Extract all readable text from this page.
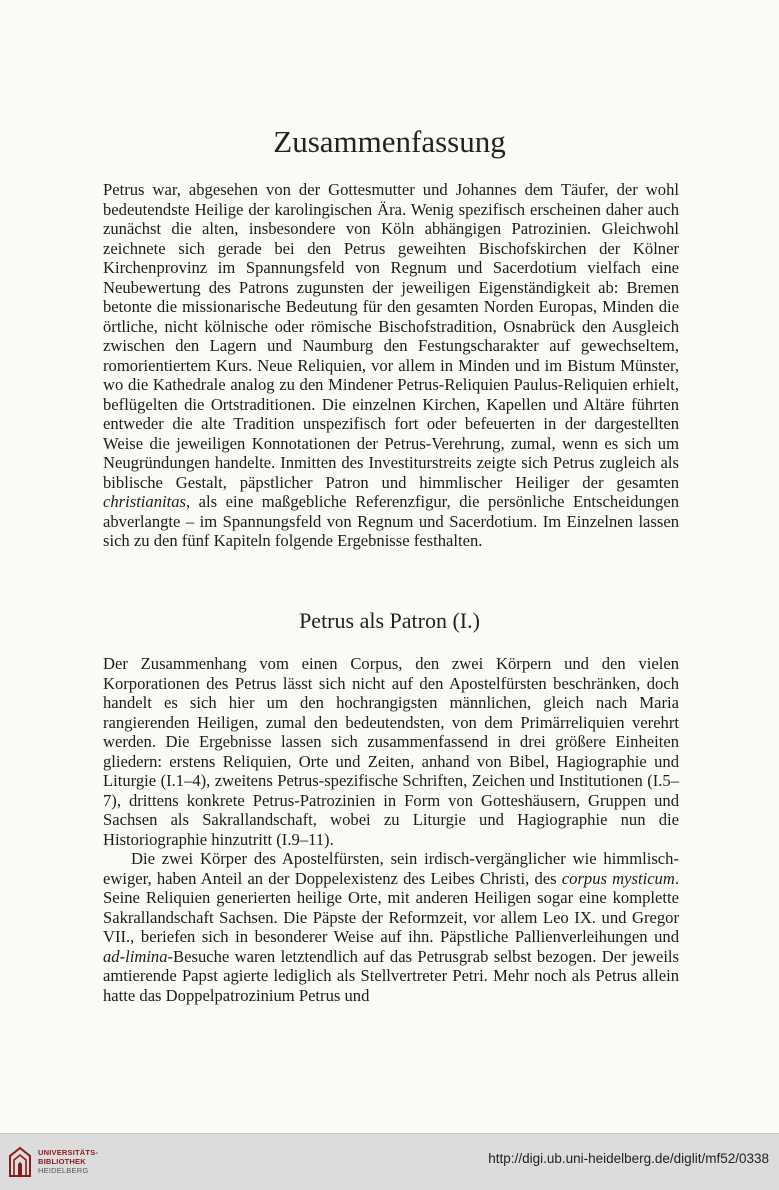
Zusammenfassung

Petrus war, abgesehen von der Gottesmutter und Johannes dem Täufer, der wohl bedeutendste Heilige der karolingischen Ära. Wenig spezifisch erscheinen daher auch zunächst die alten, insbesondere von Köln abhängigen Patrozinien. Gleichwohl zeichnete sich gerade bei den Petrus geweihten Bischofskirchen der Kölner Kirchenprovinz im Spannungsfeld von Regnum und Sacerdotium vielfach eine Neubewertung des Patrons zugunsten der jeweiligen Eigenständigkeit ab: Bremen betonte die missionarische Bedeutung für den gesamten Norden Europas, Minden die örtliche, nicht kölnische oder römische Bischofstradition, Osnabrück den Ausgleich zwischen den Lagern und Naumburg den Festungscharakter auf gewechseltem, romorientiertem Kurs. Neue Reliquien, vor allem in Minden und im Bistum Münster, wo die Kathedrale analog zu den Mindener Petrus-Reliquien Paulus-Reliquien erhielt, beflügelten die Ortstraditionen. Die einzelnen Kirchen, Kapellen und Altäre führten entweder die alte Tradition unspezifisch fort oder befeuerten in der dargestellten Weise die jeweiligen Konnotationen der Petrus-Verehrung, zumal, wenn es sich um Neugründungen handelte. Inmitten des Investiturstreits zeigte sich Petrus zugleich als biblische Gestalt, päpstlicher Patron und himmlischer Heiliger der gesamten christianitas, als eine maßgebliche Referenzfigur, die persönliche Entscheidungen abverlangte – im Spannungsfeld von Regnum und Sacerdotium. Im Einzelnen lassen sich zu den fünf Kapiteln folgende Ergebnisse festhalten.

Petrus als Patron (I.)

Der Zusammenhang vom einen Corpus, den zwei Körpern und den vielen Korporationen des Petrus lässt sich nicht auf den Apostelfürsten beschränken, doch handelt es sich hier um den hochrangigsten männlichen, gleich nach Maria rangierenden Heiligen, zumal den bedeutendsten, von dem Primärreliquien verehrt werden. Die Ergebnisse lassen sich zusammenfassend in drei größere Einheiten gliedern: erstens Reliquien, Orte und Zeiten, anhand von Bibel, Hagiographie und Liturgie (I.1–4), zweitens Petrus-spezifische Schriften, Zeichen und Institutionen (I.5–7), drittens konkrete Petrus-Patrozinien in Form von Gotteshäusern, Gruppen und Sachsen als Sakrallandschaft, wobei zu Liturgie und Hagiographie nun die Historiographie hinzutritt (I.9–11).

Die zwei Körper des Apostelfürsten, sein irdisch-vergänglicher wie himmlisch-ewiger, haben Anteil an der Doppelexistenz des Leibes Christi, des corpus mysticum. Seine Reliquien generierten heilige Orte, mit anderen Heiligen sogar eine komplette Sakrallandschaft Sachsen. Die Päpste der Reformzeit, vor allem Leo IX. und Gregor VII., beriefen sich in besonderer Weise auf ihn. Päpstliche Pallienverleihungen und ad-limina-Besuche waren letztendlich auf das Petrusgrab selbst bezogen. Der jeweils amtierende Papst agierte lediglich als Stellvertreter Petri. Mehr noch als Petrus allein hatte das Doppelpatrozinium Petrus und

UNIVERSITÄTS-
BIBLIOTHEK
HEIDELBERG
http://digi.ub.uni-heidelberg.de/diglit/mf52/0338
